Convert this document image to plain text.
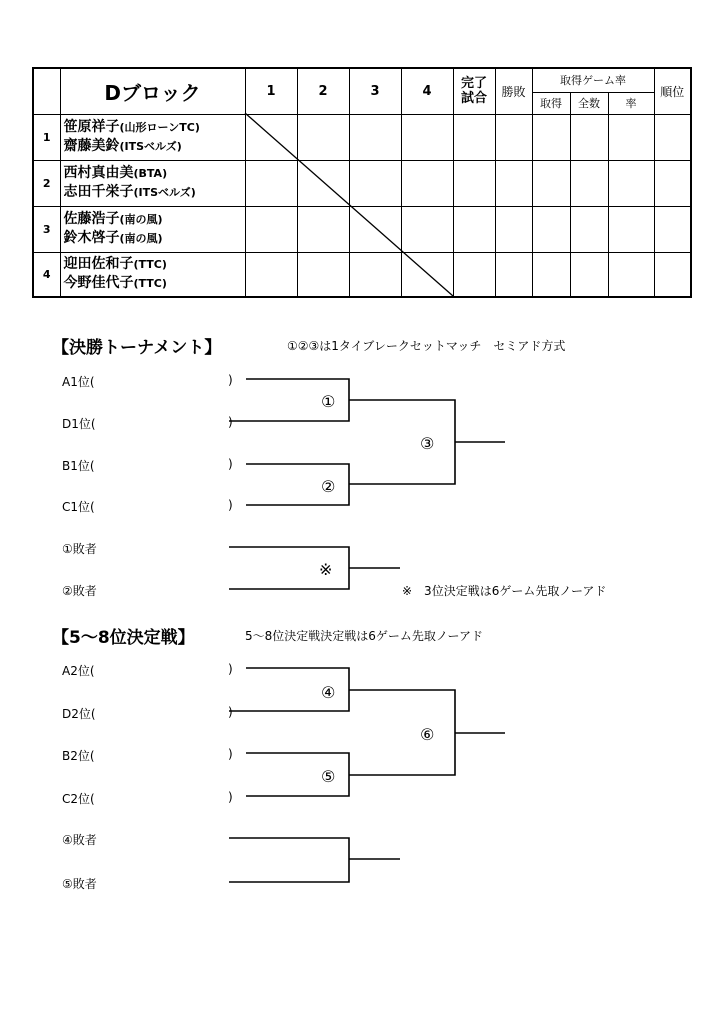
	Dブロック	1	2	3	4	完了
試合	勝敗	取得ゲーム率			順位
								取得	全数	率	
1	笹原祥子(山形ローンTC)
齋藤美鈴(ITSベルズ)										

2	西村真由美(BTA)
志田千栄子(ITSベルズ)										

3	佐藤浩子(南の風)
鈴木啓子(南の風)										

4	迎田佐和子(TTC)
今野佳代子(TTC)										

【決勝トーナメント】	①②③は1タイブレークセットマッチ　セミアド方式
A1位(	)
D1位(	)
B1位(	)
C1位(	)
①敗者
②敗者
①
②
③
※
※　3位決定戦は6ゲーム先取ノーアド
【5～8位決定戦】	5～8位決定戦決定戦は6ゲーム先取ノーアド
A2位(	)
D2位(	)
B2位(	)
C2位(	)
④敗者
⑤敗者
④
⑤
⑥
